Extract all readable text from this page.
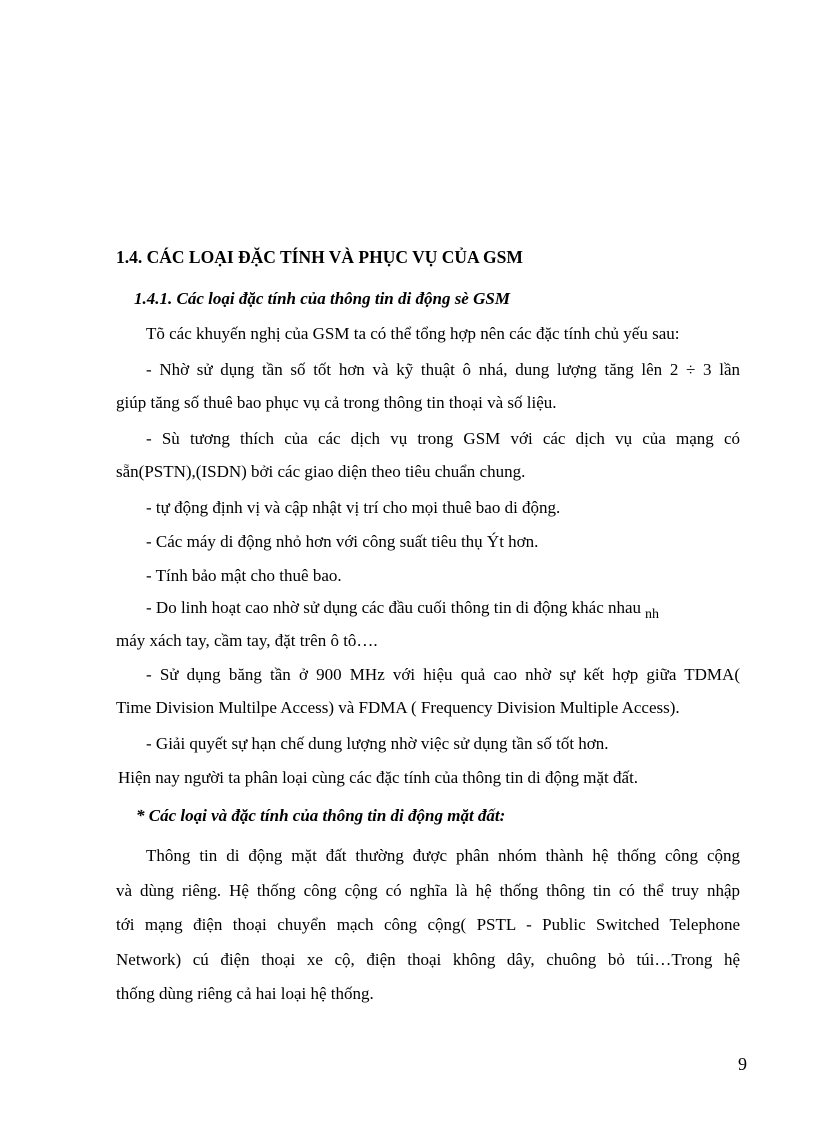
1.4. CÁC LOẠI ĐẶC TÍNH VÀ PHỤC VỤ CỦA GSM
1.4.1. Các loại đặc tính của thông tin di động sè GSM
Tõ các khuyến nghị của GSM ta có thể tổng hợp nên các đặc tính chủ yếu sau:
- Nhờ sử dụng tần số tốt hơn và kỹ thuật ô nhá, dung lượng tăng lên 2 ÷ 3 lần
giúp tăng số thuê bao phục vụ cả trong thông tin thoại và số liệu.
- Sù tương thích của các dịch vụ trong GSM với các dịch vụ của mạng có
sẵn(PSTN),(ISDN) bởi các giao diện theo tiêu chuẩn chung.
- tự động định vị và cập nhật vị trí cho mọi thuê bao di động.
- Các máy di động nhỏ hơn với công suất tiêu thụ Ýt hơn.
- Tính bảo mật cho thuê bao.
- Do linh hoạt cao nhờ sử dụng các đầu cuối thông tin di động khác nhau $_{nh}$
máy xách tay, cầm tay, đặt trên ô tô….
- Sử dụng băng tần ở 900 MHz với hiệu quả cao nhờ sự kết hợp giữa TDMA(
Time Division Multilpe Access) và FDMA ( Frequency Division Multiple Access).
- Giải quyết sự hạn chế dung lượng nhờ việc sử dụng tần số tốt hơn.
Hiện nay người ta phân loại cùng các đặc tính của thông tin di động mặt đất.
* Các loại và đặc tính của thông tin di động mặt đất:
Thông tin di động mặt đất thường được phân nhóm thành hệ thống công cộng
và dùng riêng. Hệ thống công cộng có nghĩa là hệ thống thông tin có thể truy nhập
tới mạng điện thoại chuyển mạch công cộng( PSTL - Public Switched Telephone
Network) cú điện thoại xe cộ, điện thoại không dây, chuông bỏ túi…Trong hệ
thống dùng riêng cả hai loại hệ thống.
9
